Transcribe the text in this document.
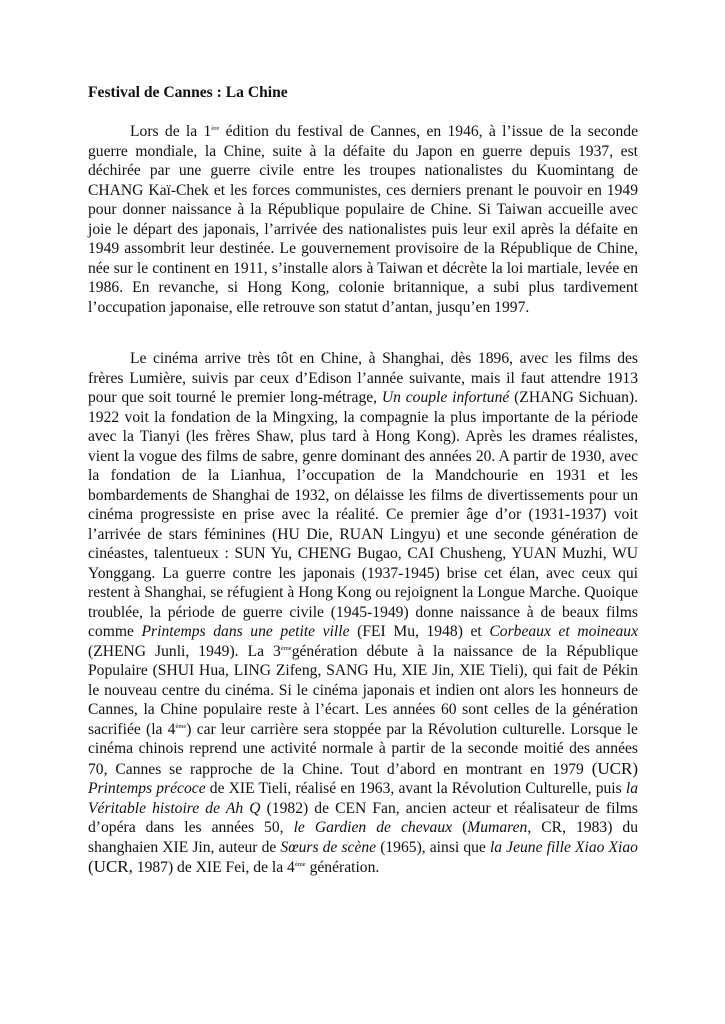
Festival de Cannes : La Chine

Lors de la 1ère édition du festival de Cannes, en 1946, à l’issue de la seconde guerre mondiale, la Chine, suite à la défaite du Japon en guerre depuis 1937, est déchirée par une guerre civile entre les troupes nationalistes du Kuomintang de CHANG Kaï-Chek et les forces communistes, ces derniers prenant le pouvoir en 1949 pour donner naissance à la République populaire de Chine. Si Taiwan accueille avec joie le départ des japonais, l’arrivée des nationalistes puis leur exil après la défaite en 1949 assombrit leur destinée. Le gouvernement provisoire de la République de Chine, née sur le continent en 1911, s’installe alors à Taiwan et décrète la loi martiale, levée en 1986. En revanche, si Hong Kong, colonie britannique, a subi plus tardivement l’occupation japonaise, elle retrouve son statut d’antan, jusqu’en 1997.

Le cinéma arrive très tôt en Chine, à Shanghai, dès 1896, avec les films des frères Lumière, suivis par ceux d’Edison l’année suivante, mais il faut attendre 1913 pour que soit tourné le premier long-métrage, Un couple infortuné (ZHANG Sichuan). 1922 voit la fondation de la Mingxing, la compagnie la plus importante de la période avec la Tianyi (les frères Shaw, plus tard à Hong Kong). Après les drames réalistes, vient la vogue des films de sabre, genre dominant des années 20. A partir de 1930, avec la fondation de la Lianhua, l’occupation de la Mandchourie en 1931 et les bombardements de Shanghai de 1932, on délaisse les films de divertissements pour un cinéma progressiste en prise avec la réalité. Ce premier âge d’or (1931-1937) voit l’arrivée de stars féminines (HU Die, RUAN Lingyu) et une seconde génération de cinéastes, talentueux : SUN Yu, CHENG Bugao, CAI Chusheng, YUAN Muzhi, WU Yonggang. La guerre contre les japonais (1937-1945) brise cet élan, avec ceux qui restent à Shanghai, se réfugient à Hong Kong ou rejoignent la Longue Marche. Quoique troublée, la période de guerre civile (1945-1949) donne naissance à de beaux films comme Printemps dans une petite ville (FEI Mu, 1948) et Corbeaux et moineaux (ZHENG Junli, 1949). La 3èmegénération débute à la naissance de la République Populaire (SHUI Hua, LING Zifeng, SANG Hu, XIE Jin, XIE Tieli), qui fait de Pékin le nouveau centre du cinéma. Si le cinéma japonais et indien ont alors les honneurs de Cannes, la Chine populaire reste à l’écart. Les années 60 sont celles de la génération sacrifiée (la 4ème) car leur carrière sera stoppée par la Révolution culturelle. Lorsque le cinéma chinois reprend une activité normale à partir de la seconde moitié des années 70, Cannes se rapproche de la Chine. Tout d’abord en montrant en 1979 (UCR) Printemps précoce de XIE Tieli, réalisé en 1963, avant la Révolution Culturelle, puis la Véritable histoire de Ah Q (1982) de CEN Fan, ancien acteur et réalisateur de films d’opéra dans les années 50, le Gardien de chevaux (Mumaren, CR, 1983) du shanghaien XIE Jin, auteur de Sœurs de scène (1965), ainsi que la Jeune fille Xiao Xiao (UCR, 1987) de XIE Fei, de la 4ème génération.
